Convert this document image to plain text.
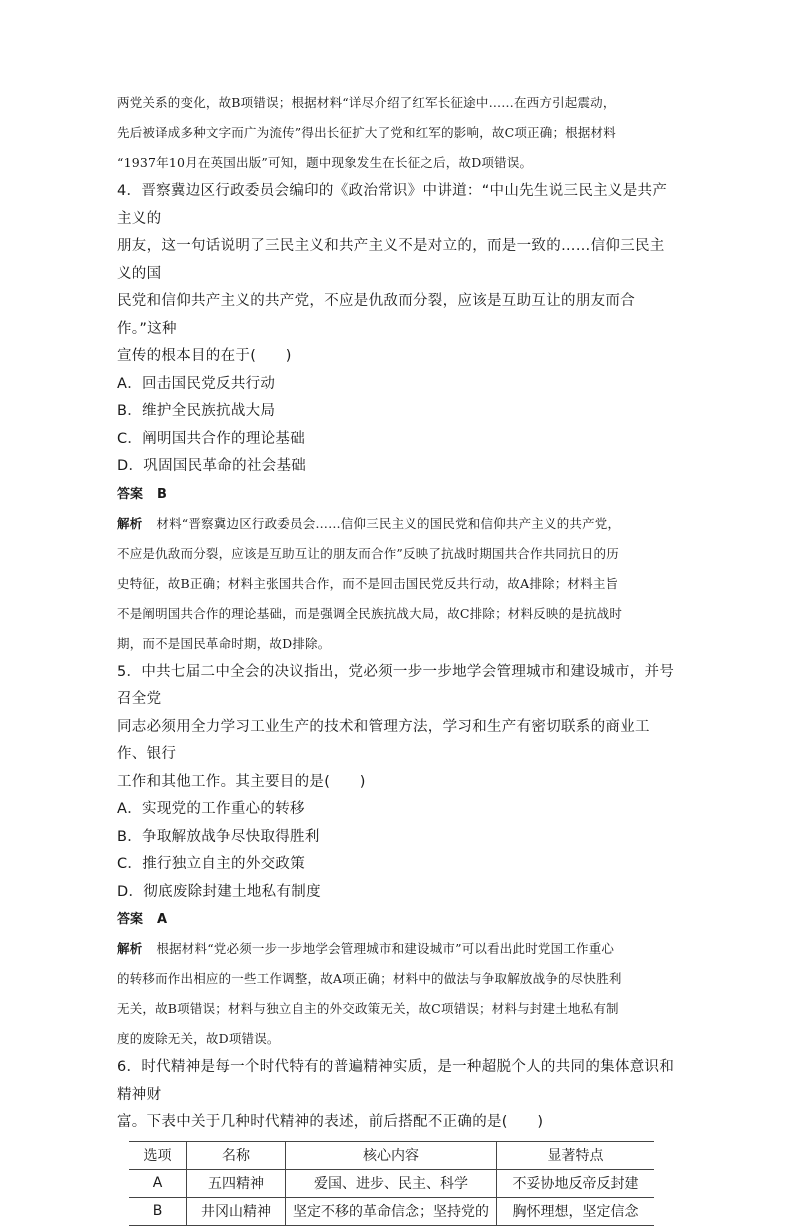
两党关系的变化，故B项错误；根据材料“详尽介绍了红军长征途中……在西方引起震动，
先后被译成多种文字而广为流传”得出长征扩大了党和红军的影响，故C项正确；根据材料
“1937年10月在英国出版”可知，题中现象发生在长征之后，故D项错误。
4．晋察冀边区行政委员会编印的《政治常识》中讲道：“中山先生说三民主义是共产主义的
朋友，这一句话说明了三民主义和共产主义不是对立的，而是一致的……信仰三民主义的国
民党和信仰共产主义的共产党，不应是仇敌而分裂，应该是互助互让的朋友而合作。”这种
宣传的根本目的在于(　　)
A．回击国民党反共行动
B．维护全民族抗战大局
C．阐明国共合作的理论基础
D．巩固国民革命的社会基础
答案 B
解析 材料“晋察冀边区行政委员会……信仰三民主义的国民党和信仰共产主义的共产党，
不应是仇敌而分裂，应该是互助互让的朋友而合作”反映了抗战时期国共合作共同抗日的历
史特征，故B正确；材料主张国共合作，而不是回击国民党反共行动，故A排除；材料主旨
不是阐明国共合作的理论基础，而是强调全民族抗战大局，故C排除；材料反映的是抗战时
期，而不是国民革命时期，故D排除。
5．中共七届二中全会的决议指出，党必须一步一步地学会管理城市和建设城市，并号召全党
同志必须用全力学习工业生产的技术和管理方法，学习和生产有密切联系的商业工作、银行
工作和其他工作。其主要目的是(　　)
A．实现党的工作重心的转移
B．争取解放战争尽快取得胜利
C．推行独立自主的外交政策
D．彻底废除封建土地私有制度
答案 A
解析 根据材料“党必须一步一步地学会管理城市和建设城市”可以看出此时党国工作重心
的转移而作出相应的一些工作调整，故A项正确；材料中的做法与争取解放战争的尽快胜利
无关，故B项错误；材料与独立自主的外交政策无关，故C项错误；材料与封建土地私有制
度的废除无关，故D项错误。
6．时代精神是每一个时代特有的普遍精神实质，是一种超脱个人的共同的集体意识和精神财
富。下表中关于几种时代精神的表述，前后搭配不正确的是(　　)
选项	名称	核心内容	显著特点
A	五四精神	爱国、进步、民主、科学	不妥协地反帝反封建
B	井冈山精神	坚定不移的革命信念；坚持党的	胸怀理想，坚定信念
